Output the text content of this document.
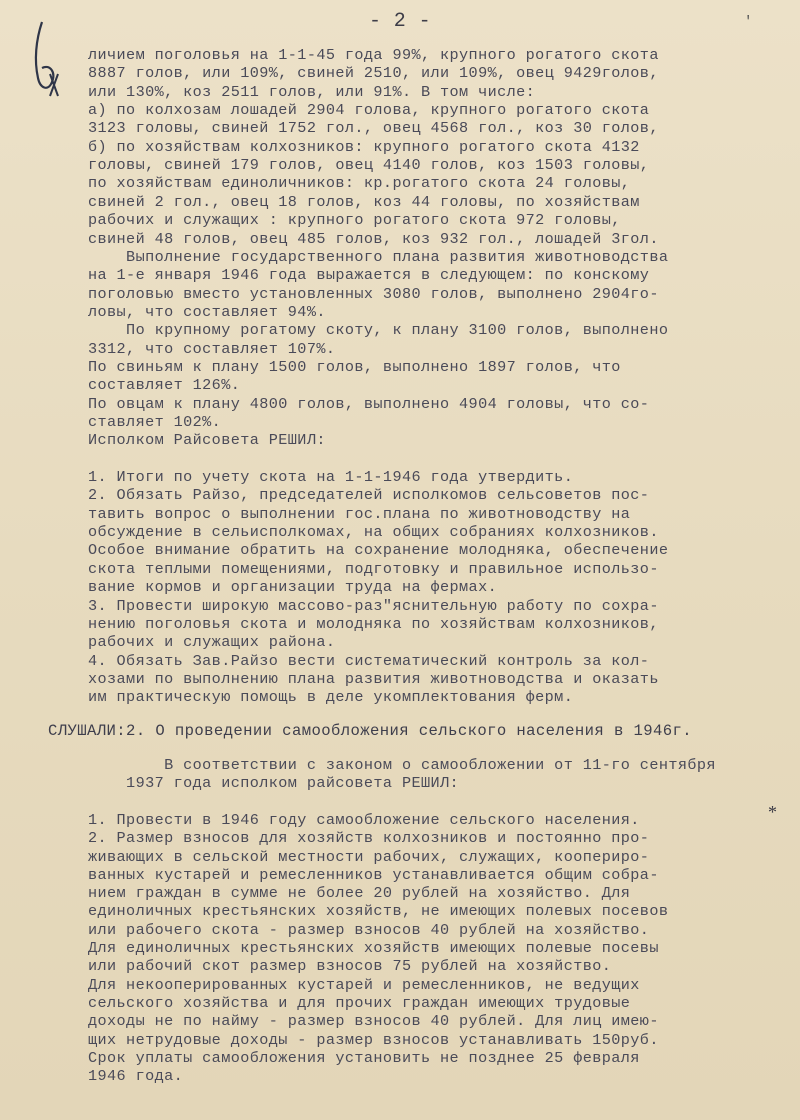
- 2 -	'
личием поголовья на 1-1-45 года 99%, крупного рогатого скота
8887 голов, или 109%, свиней 2510, или 109%, овец 9429голов,
или 130%, коз 2511 голов, или 91%. В том числе:
а) по колхозам лошадей 2904 голова, крупного рогатого скота
3123 головы, свиней 1752 гол., овец 4568 гол., коз 30 голов,
б) по хозяйствам колхозников: крупного рогатого скота 4132
головы, свиней 179 голов, овец 4140 голов, коз 1503 головы,
по хозяйствам единоличников: кр.рогатого скота 24 головы,
свиней 2 гол., овец 18 голов, коз 44 головы, по хозяйствам
рабочих и служащих : крупного рогатого скота 972 головы,
свиней 48 голов, овец 485 голов, коз 932 гол., лошадей 3гол.
Выполнение государственного плана развития животноводства
на 1-е января 1946 года выражается в следующем: по конскому
поголовью вместо установленных 3080 голов, выполнено 2904го-
ловы, что составляет 94%.
По крупному рогатому скоту, к плану 3100 голов, выполнено
3312, что составляет 107%.
По свиньям к плану 1500 голов, выполнено 1897 голов, что
составляет 126%.
По овцам к плану 4800 голов, выполнено 4904 головы, что со-
ставляет 102%.
Исполком Райсовета РЕШИЛ:
1. Итоги по учету скота на 1-1-1946 года утвердить.
2. Обязать Райзо, председателей исполкомов сельсоветов пос-
тавить вопрос о выполнении гос.плана по животноводству на
обсуждение в сельисполкомах, на общих собраниях колхозников.
Особое внимание обратить на сохранение молодняка, обеспечение
скота теплыми помещениями, подготовку и правильное использо-
вание кормов и организации труда на фермах.
3. Провести широкую массово-раз"яснительную работу по сохра-
нению поголовья скота и молодняка по хозяйствам колхозников,
рабочих и служащих района.
4. Обязать Зав.Райзо вести систематический контроль за кол-
хозами по выполнению плана развития животноводства и оказать
им практическую помощь в деле укомплектования ферм.
СЛУШАЛИ:2. О проведении самообложения сельского населения в 1946г.
В соответствии с законом о самообложении от 11-го сентября
1937 года исполком райсовета РЕШИЛ:
1. Провести в 1946 году самообложение сельского населения.
2. Размер взносов для хозяйств колхозников и постоянно про-
живающих в сельской местности рабочих, служащих, коопериро-
ванных кустарей и ремесленников устанавливается общим собра-
нием граждан в сумме не более 20 рублей на хозяйство. Для
единоличных крестьянских хозяйств, не имеющих полевых посевов
или рабочего скота - размер взносов 40 рублей на хозяйство.
Для единоличных крестьянских хозяйств имеющих полевые посевы
или рабочий скот размер взносов 75 рублей на хозяйство.
Для некооперированных кустарей и ремесленников, не ведущих
сельского хозяйства и для прочих граждан имеющих трудовые
доходы не по найму - размер взносов 40 рублей. Для лиц имею-
щих нетрудовые доходы - размер взносов устанавливать 150руб.
Срок уплаты самообложения установить не позднее 25 февраля
1946 года.
*
